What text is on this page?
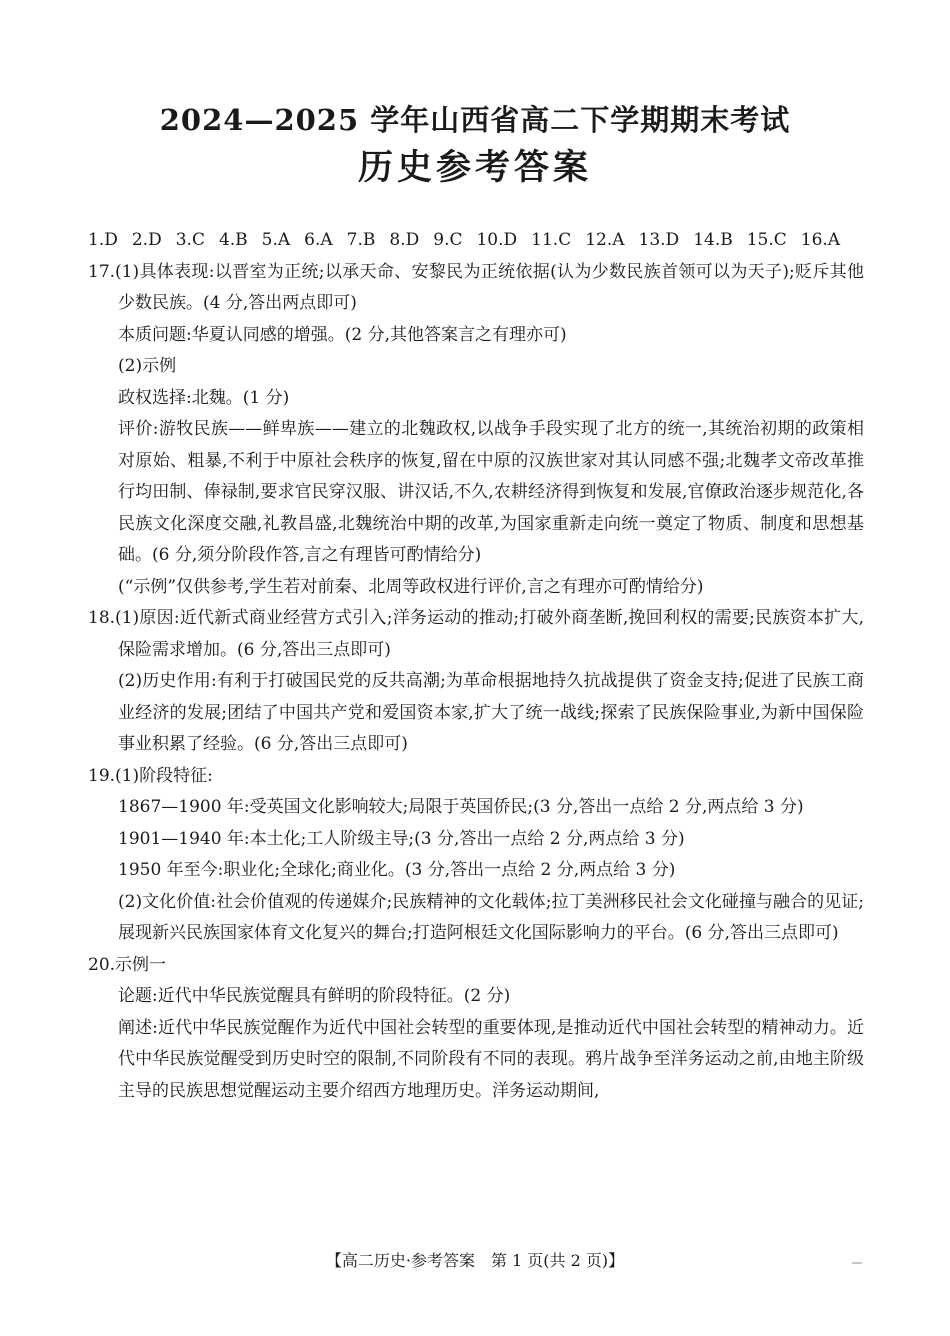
2024—2025 学年山西省高二下学期期末考试
历史参考答案

1.D 2.D 3.C 4.B 5.A 6.A 7.B 8.D 9.C 10.D 11.C 12.A 13.D 14.B 15.C 16.A

17.(1)具体表现:以晋室为正统;以承天命、安黎民为正统依据(认为少数民族首领可以为天子);贬斥其他少数民族。(4 分,答出两点即可)

本质问题:华夏认同感的增强。(2 分,其他答案言之有理亦可)

(2)示例

政权选择:北魏。(1 分)

评价:游牧民族——鲜卑族——建立的北魏政权,以战争手段实现了北方的统一,其统治初期的政策相对原始、粗暴,不利于中原社会秩序的恢复,留在中原的汉族世家对其认同感不强;北魏孝文帝改革推行均田制、俸禄制,要求官民穿汉服、讲汉话,不久,农耕经济得到恢复和发展,官僚政治逐步规范化,各民族文化深度交融,礼教昌盛,北魏统治中期的改革,为国家重新走向统一奠定了物质、制度和思想基础。(6 分,须分阶段作答,言之有理皆可酌情给分)

(“示例”仅供参考,学生若对前秦、北周等政权进行评价,言之有理亦可酌情给分)

18.(1)原因:近代新式商业经营方式引入;洋务运动的推动;打破外商垄断,挽回利权的需要;民族资本扩大,保险需求增加。(6 分,答出三点即可)

(2)历史作用:有利于打破国民党的反共高潮;为革命根据地持久抗战提供了资金支持;促进了民族工商业经济的发展;团结了中国共产党和爱国资本家,扩大了统一战线;探索了民族保险事业,为新中国保险事业积累了经验。(6 分,答出三点即可)

19.(1)阶段特征:

1867—1900 年:受英国文化影响较大;局限于英国侨民;(3 分,答出一点给 2 分,两点给 3 分)

1901—1940 年:本土化;工人阶级主导;(3 分,答出一点给 2 分,两点给 3 分)

1950 年至今:职业化;全球化;商业化。(3 分,答出一点给 2 分,两点给 3 分)

(2)文化价值:社会价值观的传递媒介;民族精神的文化载体;拉丁美洲移民社会文化碰撞与融合的见证;展现新兴民族国家体育文化复兴的舞台;打造阿根廷文化国际影响力的平台。(6 分,答出三点即可)

20.示例一

论题:近代中华民族觉醒具有鲜明的阶段特征。(2 分)

阐述:近代中华民族觉醒作为近代中国社会转型的重要体现,是推动近代中国社会转型的精神动力。近代中华民族觉醒受到历史时空的限制,不同阶段有不同的表现。鸦片战争至洋务运动之前,由地主阶级主导的民族思想觉醒运动主要介绍西方地理历史。洋务运动期间,

【高二历史·参考答案　第 1 页(共 2 页)】
